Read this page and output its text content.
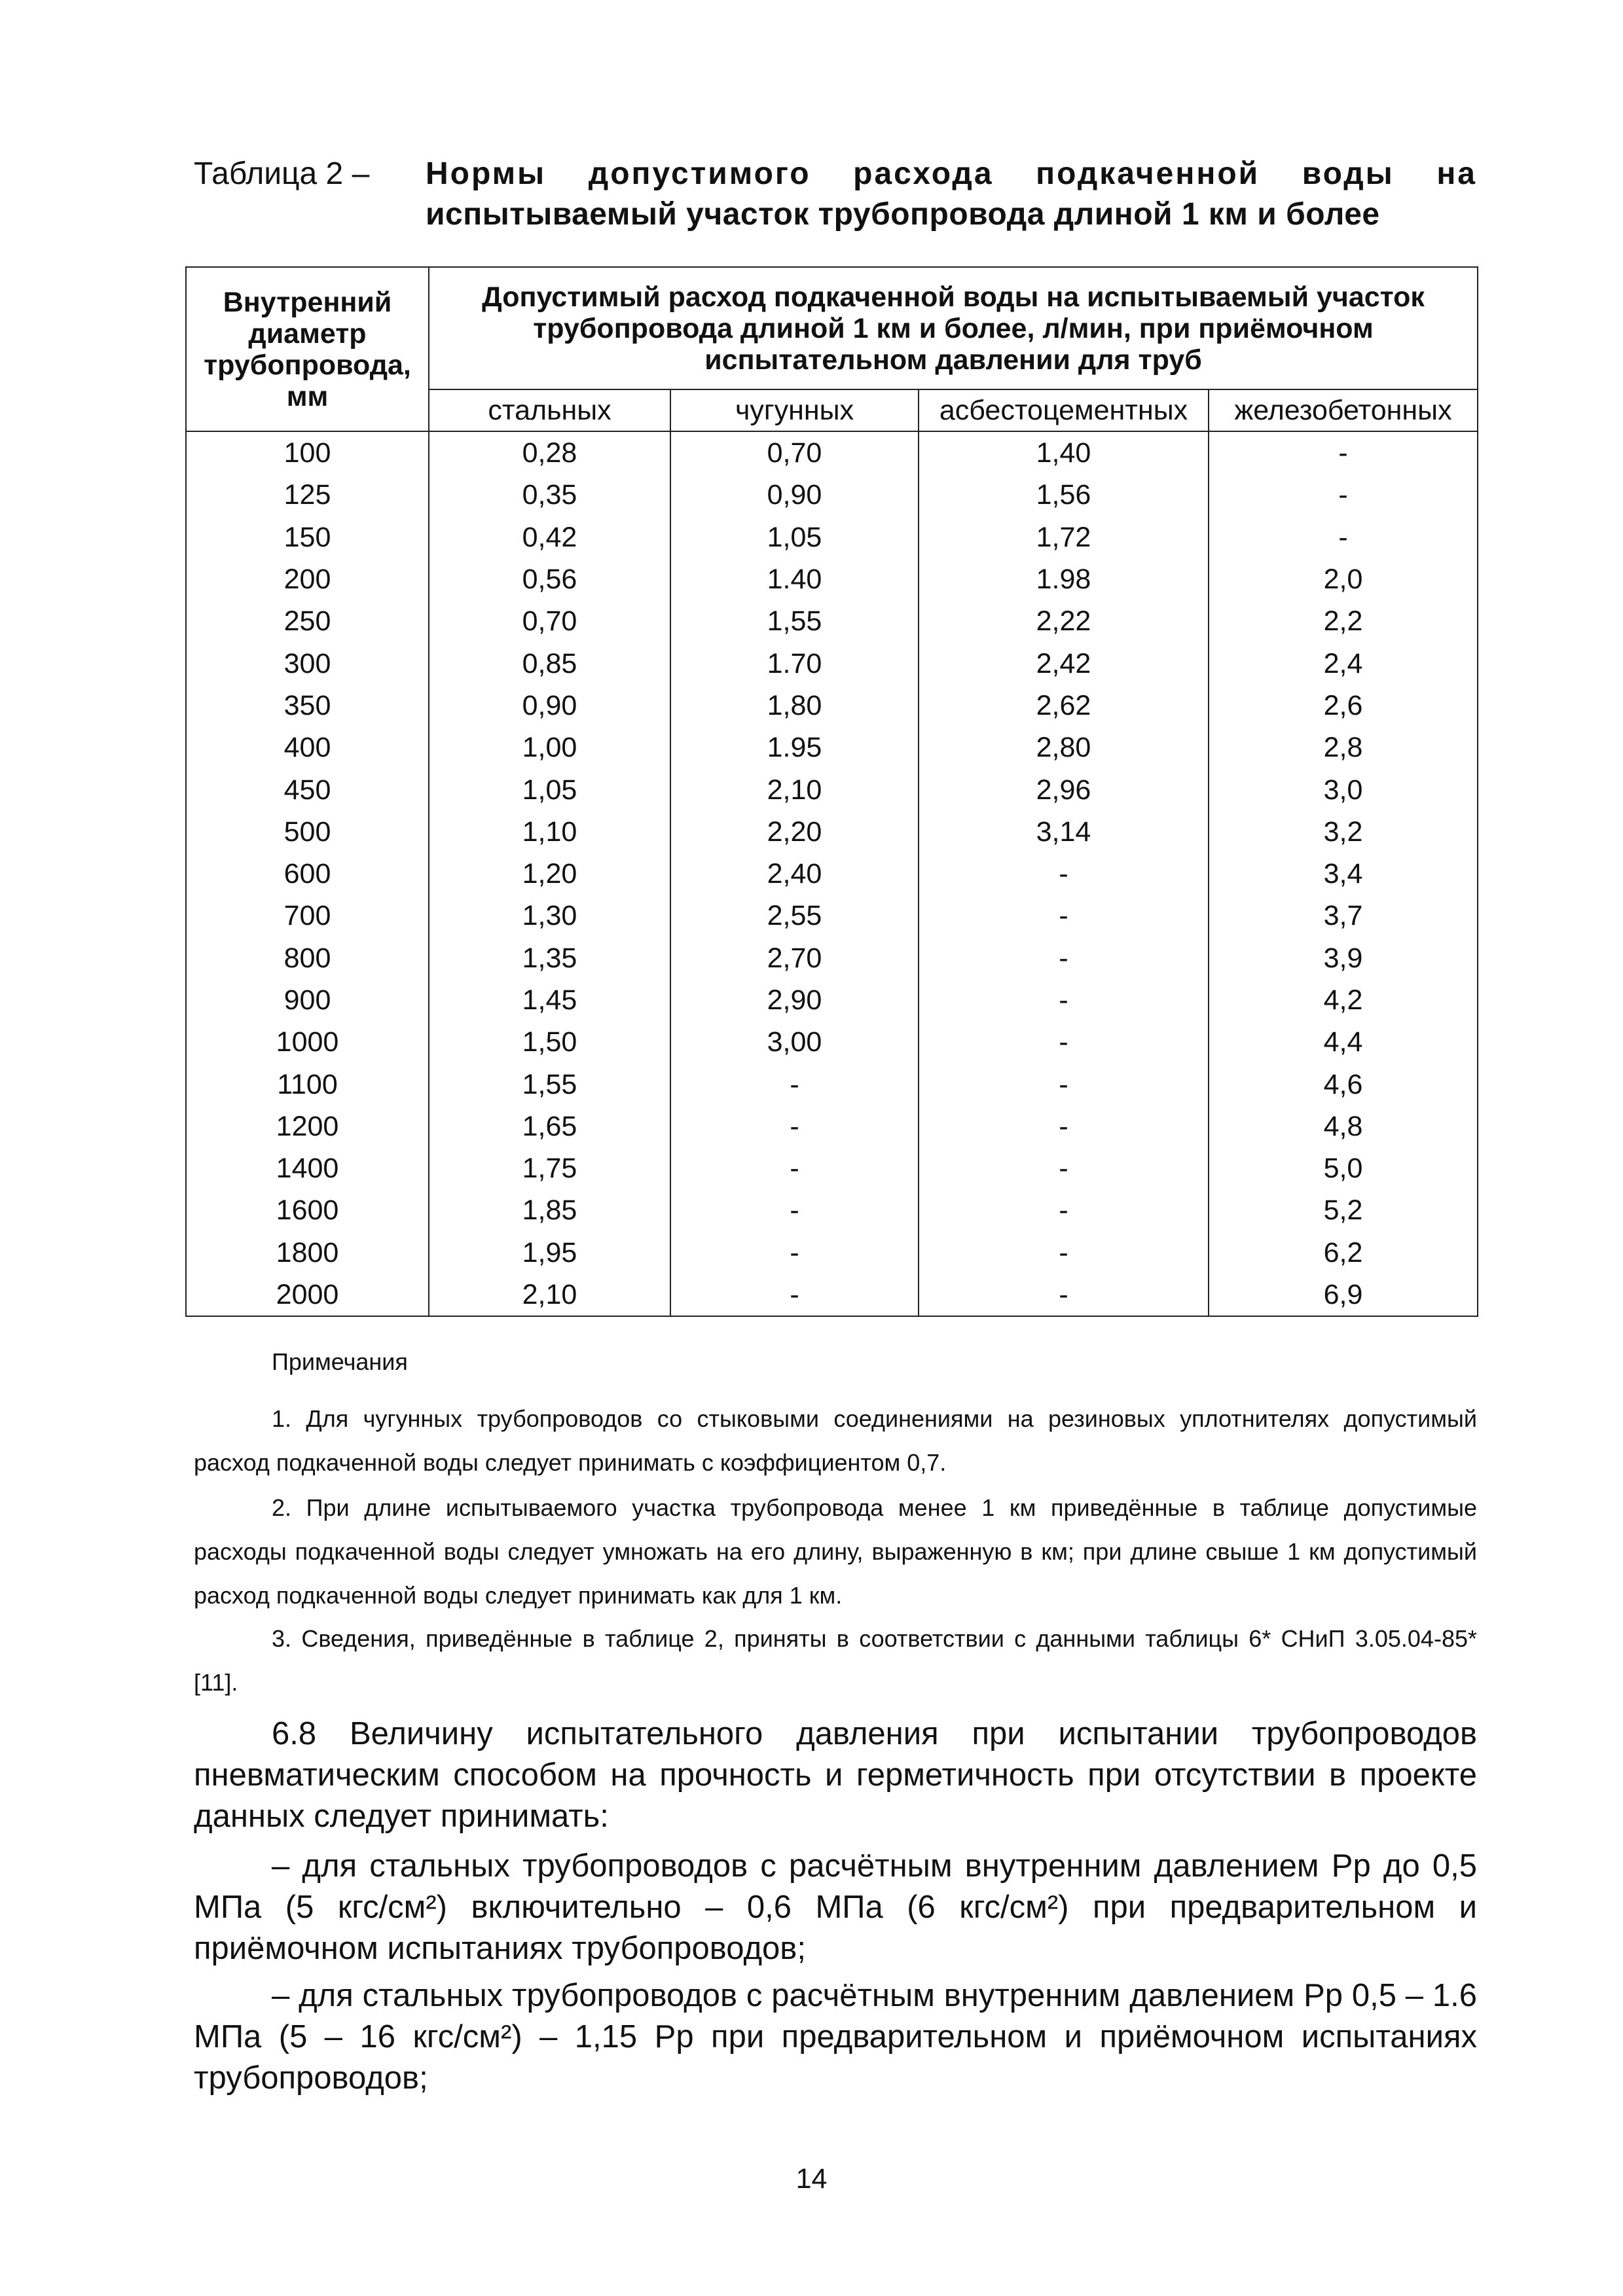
Таблица 2 – Нормы допустимого расхода подкаченной воды на
испытываемый участок трубопровода длиной 1 км и более
Внутренний диаметр трубопровода, мм	Допустимый расход подкаченной воды на испытываемый участок трубопровода длиной 1 км и более, л/мин, при приёмочном испытательном давлении для труб			
	стальных	чугунных	асбестоцементных	железобетонных
100	0,28	0,70	1,40	-
125	0,35	0,90	1,56	-
150	0,42	1,05	1,72	-
200	0,56	1.40	1.98	2,0
250	0,70	1,55	2,22	2,2
300	0,85	1.70	2,42	2,4
350	0,90	1,80	2,62	2,6
400	1,00	1.95	2,80	2,8
450	1,05	2,10	2,96	3,0
500	1,10	2,20	3,14	3,2
600	1,20	2,40	-	3,4
700	1,30	2,55	-	3,7
800	1,35	2,70	-	3,9
900	1,45	2,90	-	4,2
1000	1,50	3,00	-	4,4
1100	1,55	-	-	4,6
1200	1,65	-	-	4,8
1400	1,75	-	-	5,0
1600	1,85	-	-	5,2
1800	1,95	-	-	6,2
2000	2,10	-	-	6,9
Примечания
1. Для чугунных трубопроводов со стыковыми соединениями на резиновых уплотнителях допустимый расход подкаченной воды следует принимать с коэффициентом 0,7.
2. При длине испытываемого участка трубопровода менее 1 км приведённые в таблице допустимые расходы подкаченной воды следует умножать на его длину, выраженную в км; при длине свыше 1 км допустимый расход подкаченной воды следует принимать как для 1 км.
3. Сведения, приведённые в таблице 2, приняты в соответствии с данными таблицы 6* СНиП 3.05.04-85* [11].
6.8 Величину испытательного давления при испытании трубопроводов пневматическим способом на прочность и герметичность при отсутствии в проекте данных следует принимать:
– для стальных трубопроводов с расчётным внутренним давлением Рр до 0,5 МПа (5 кгс/см²) включительно – 0,6 МПа (6 кгс/см²) при предварительном и приёмочном испытаниях трубопроводов;
– для стальных трубопроводов с расчётным внутренним давлением Рр 0,5 – 1.6 МПа (5 – 16 кгс/см²) – 1,15 Рр при предварительном и приёмочном испытаниях трубопроводов;
14
